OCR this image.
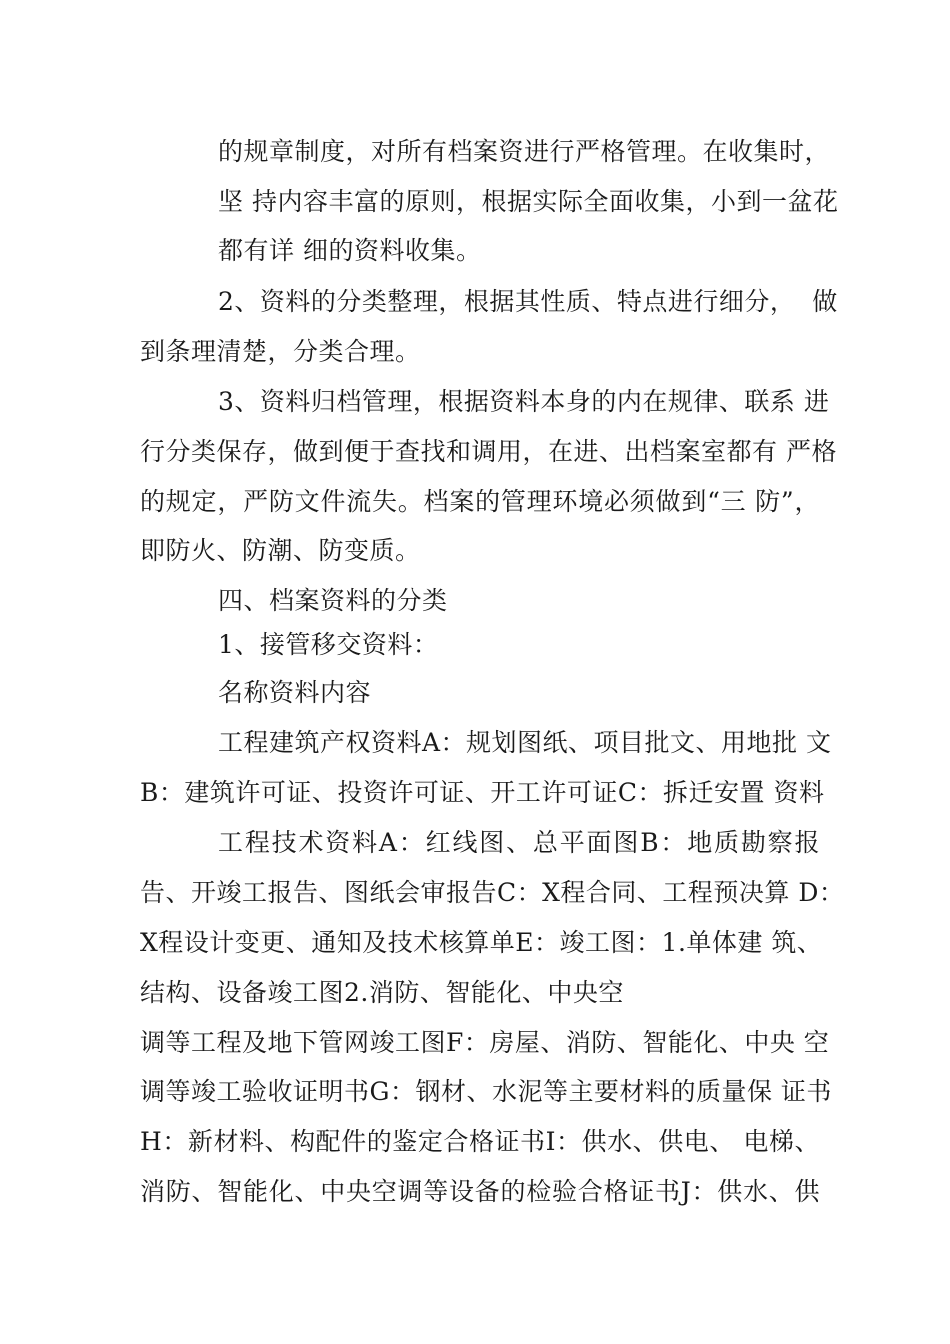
的规章制度，对所有档案资进行严格管理。在收集时，
坚 持内容丰富的原则，根据实际全面收集，小到一盆花
都有详 细的资料收集。
2、资料的分类整理，根据其性质、特点进行细分，  做
到条理清楚，分类合理。
3、资料归档管理，根据资料本身的内在规律、联系 进
行分类保存，做到便于查找和调用，在进、出档案室都有 严格
的规定，严防文件流失。档案的管理环境必须做到“三 防”，
即防火、防潮、防变质。
四、档案资料的分类
1、接管移交资料：
名称资料内容
工程建筑产权资料A：规划图纸、项目批文、用地批 文
B：建筑许可证、投资许可证、开工许可证C：拆迁安置 资料
工程技术资料A：红线图、总平面图B：地质勘察报
告、开竣工报告、图纸会审报告C：X程合同、工程预决算 D：
X程设计变更、通知及技术核算单E：竣工图：1.单体建 筑、
结构、设备竣工图2.消防、智能化、中央空
调等工程及地下管网竣工图F：房屋、消防、智能化、中央 空
调等竣工验收证明书G：钢材、水泥等主要材料的质量保 证书
H：新材料、构配件的鉴定合格证书I：供水、供电、 电梯、
消防、智能化、中央空调等设备的检验合格证书J：供水、供
